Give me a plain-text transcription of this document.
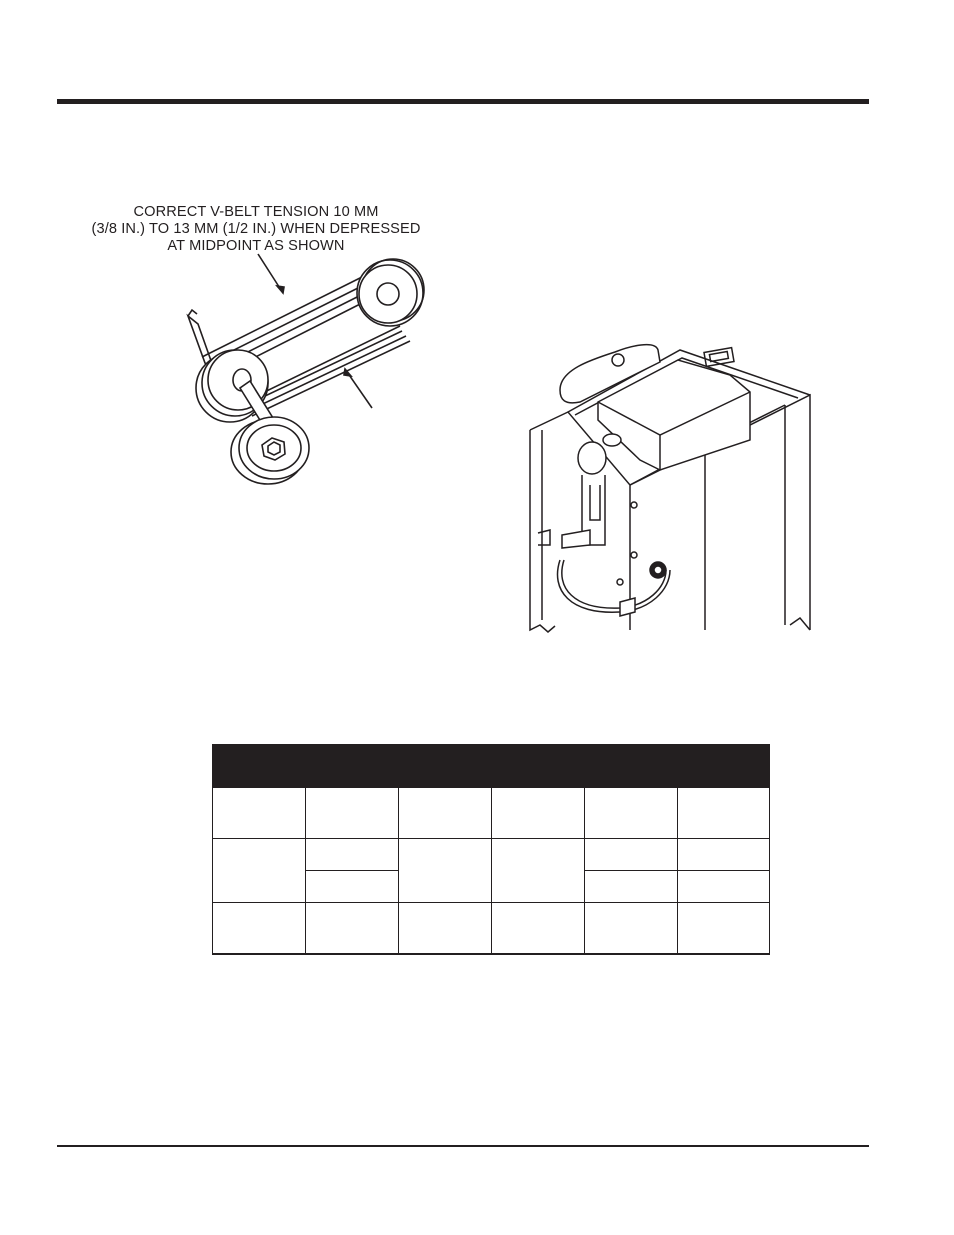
CORRECT V-BELT TENSION 10 MM
(3/8 IN.) TO 13 MM (1/2 IN.) WHEN DEPRESSED
AT MIDPOINT AS SHOWN
